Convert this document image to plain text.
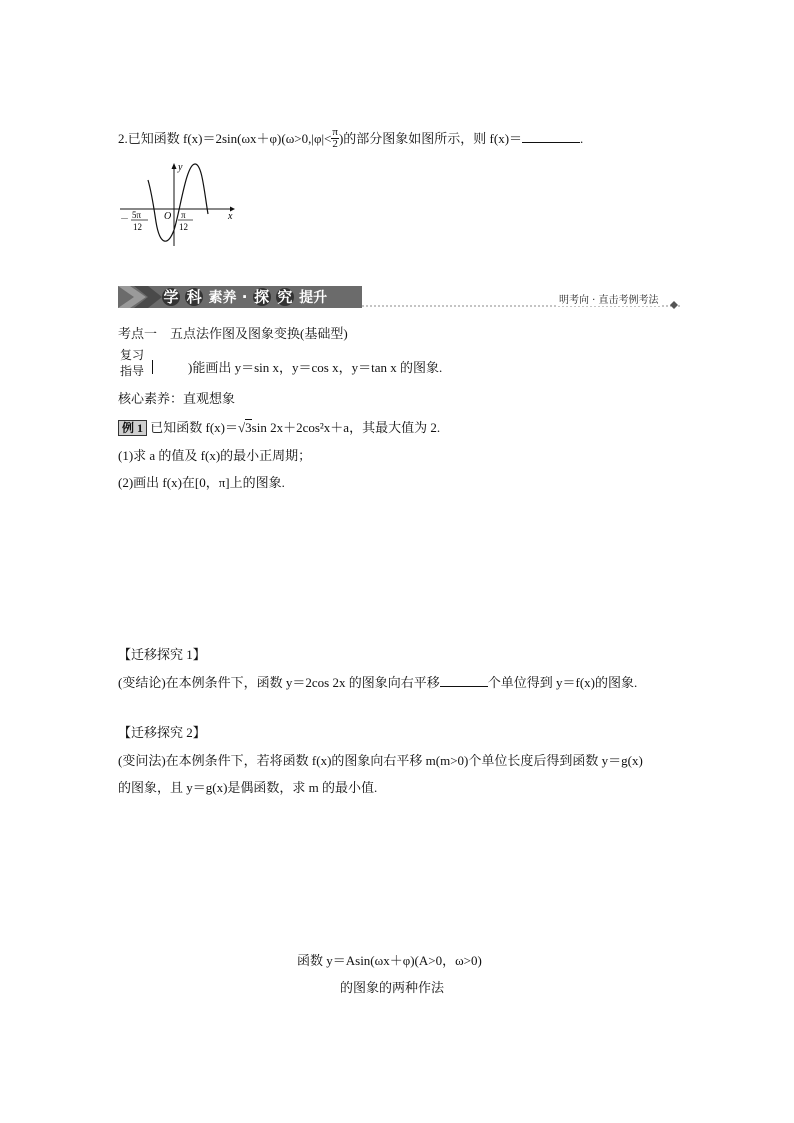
2.已知函数 $f(x)=2\sin(\omega x+\varphi)(\omega>0,|\varphi|< \frac{\pi}{2}$ )的部分图象如图所示，则 f(x)＝	.
y
x
O
－ 5π
12
π
12
学 科 素养 · 探 究 提升	明考向 · 直击考例考法
考点一　五点法作图及图象变换(基础型)
复习
指导	)能画出 y＝sin x，y＝cos x，y＝tan x 的图象.
核心素养：直观想象
例 1 已知函数 f(x)＝√3sin 2x＋2cos²x＋a，其最大值为 2.
(1)求 a 的值及 f(x)的最小正周期；
(2)画出 f(x)在[0，π]上的图象.
【迁移探究 1】
(变结论)在本例条件下，函数 y＝2cos 2x 的图象向右平移	个单位得到 y＝f(x)的图象.
【迁移探究 2】
(变问法)在本例条件下，若将函数 f(x)的图象向右平移 m(m>0)个单位长度后得到函数 y＝g(x)
的图象，且 y＝g(x)是偶函数，求 m 的最小值.
函数 y＝Asin(ωx＋φ)(A>0，ω>0)
的图象的两种作法
